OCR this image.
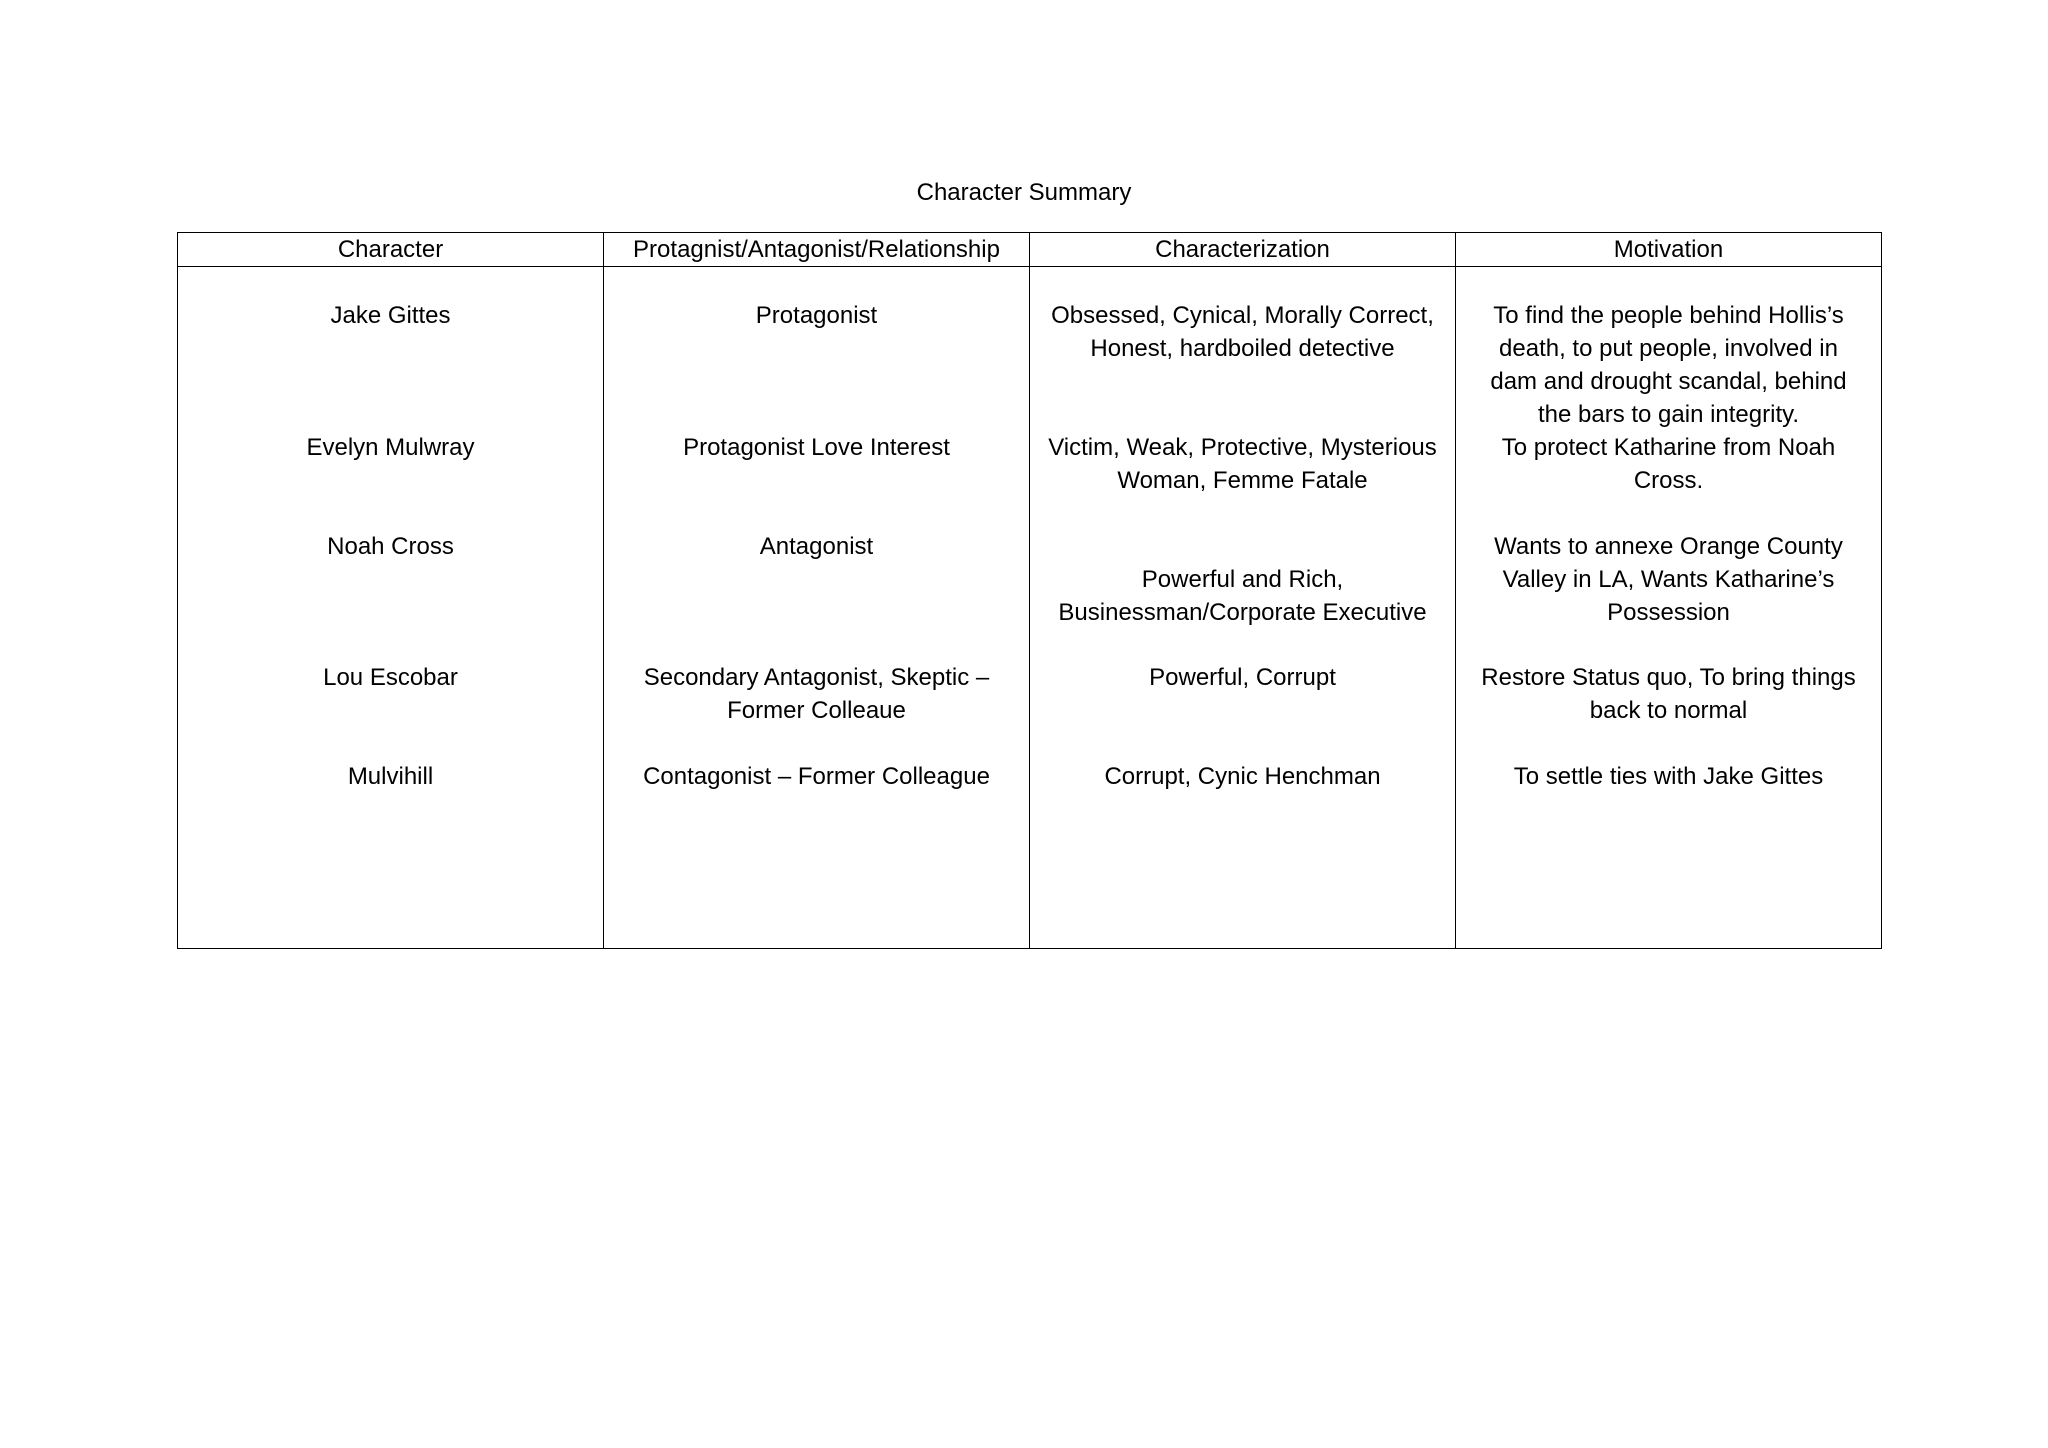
Character Summary
Character	Protagnist/Antagonist/Relationship	Characterization	Motivation
Jake Gittes	Protagonist	Obsessed, Cynical, Morally Correct, Honest, hardboiled detective	To find the people behind Hollis’s death, to put people, involved in dam and drought scandal, behind the bars to gain integrity.
Evelyn Mulwray	Protagonist Love Interest	Victim, Weak, Protective, Mysterious Woman, Femme Fatale	To protect Katharine from Noah Cross.
Noah Cross	Antagonist	Powerful and Rich, Businessman/Corporate Executive	Wants to annexe Orange County Valley in LA, Wants Katharine’s Possession
Lou Escobar	Secondary Antagonist, Skeptic – Former Colleaue	Powerful, Corrupt	Restore Status quo, To bring things back to normal
Mulvihill	Contagonist – Former Colleague	Corrupt, Cynic Henchman	To settle ties with Jake Gittes
